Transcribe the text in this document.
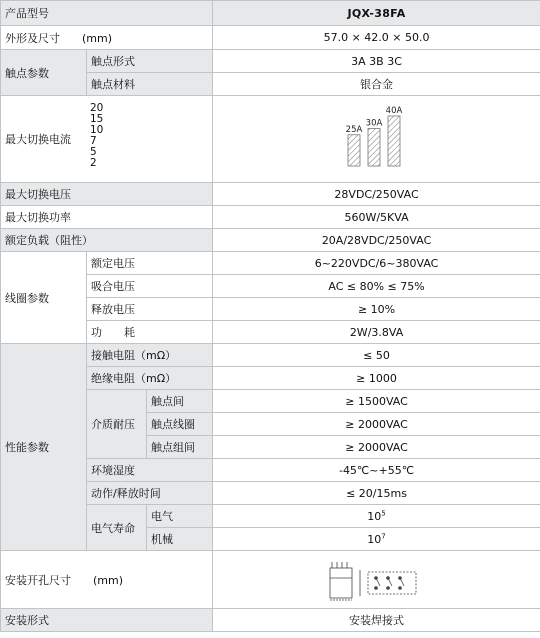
产品型号			JQX-38FA
外形及尺寸 (mm)			57.0 × 42.0 × 50.0
触点参数	触点形式		3A 3B 3C
	触点材料		银合金
最大切换电流			25A
30A
40A

最大切换电压			28VDC/250VAC
最大切换功率			560W/5KVA
额定负载（阻性）			20A/28VDC/250VAC
线圈参数	额定电压		6~220VDC/6~380VAC
	吸合电压		AC ≤ 80% ≤ 75%
	释放电压		≥ 10%
	功　　耗		2W/3.8VA
性能参数	接触电阻（mΩ）		≤ 50
	绝缘电阻（mΩ）		≥ 1000
	介质耐压	触点间	≥ 1500VAC
		触点线圈	≥ 2000VAC
		触点组间	≥ 2000VAC
	环境湿度		-45℃~+55℃
	动作/释放时间		≤ 20/15ms
	电气寿命	电气	$10^5$
		机械	$10^7$
安装开孔尺寸 (mm)	

安装形式			安装焊接式
20
15
10
7
5
2
